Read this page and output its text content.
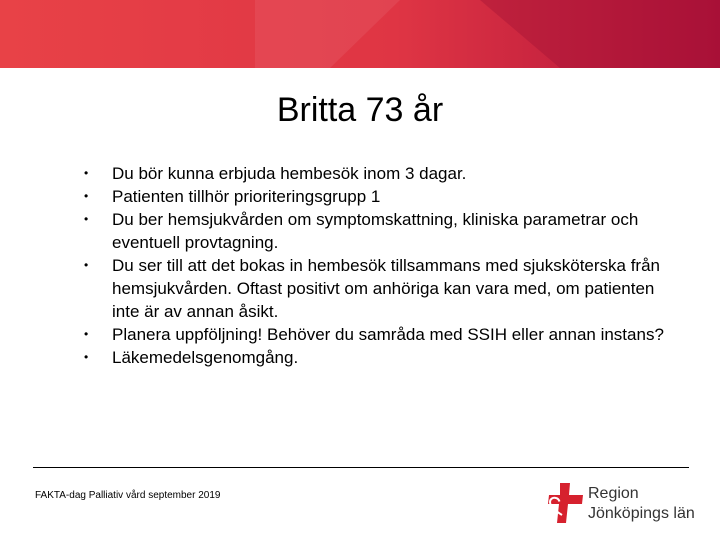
Britta 73 år
•	Du bör kunna erbjuda hembesök inom 3 dagar.
•	Patienten tillhör prioriteringsgrupp 1
•	Du ber hemsjukvården om symptomskattning, kliniska parametrar och eventuell provtagning.
•	Du ser till att det bokas in hembesök tillsammans med sjuksköterska från hemsjukvården. Oftast positivt om anhöriga kan vara med, om patienten inte är av annan åsikt.
•	Planera uppföljning! Behöver du samråda med SSIH eller annan instans?
•	Läkemedelsgenomgång.
FAKTA-dag Palliativ vård september 2019	Region
Jönköpings län
